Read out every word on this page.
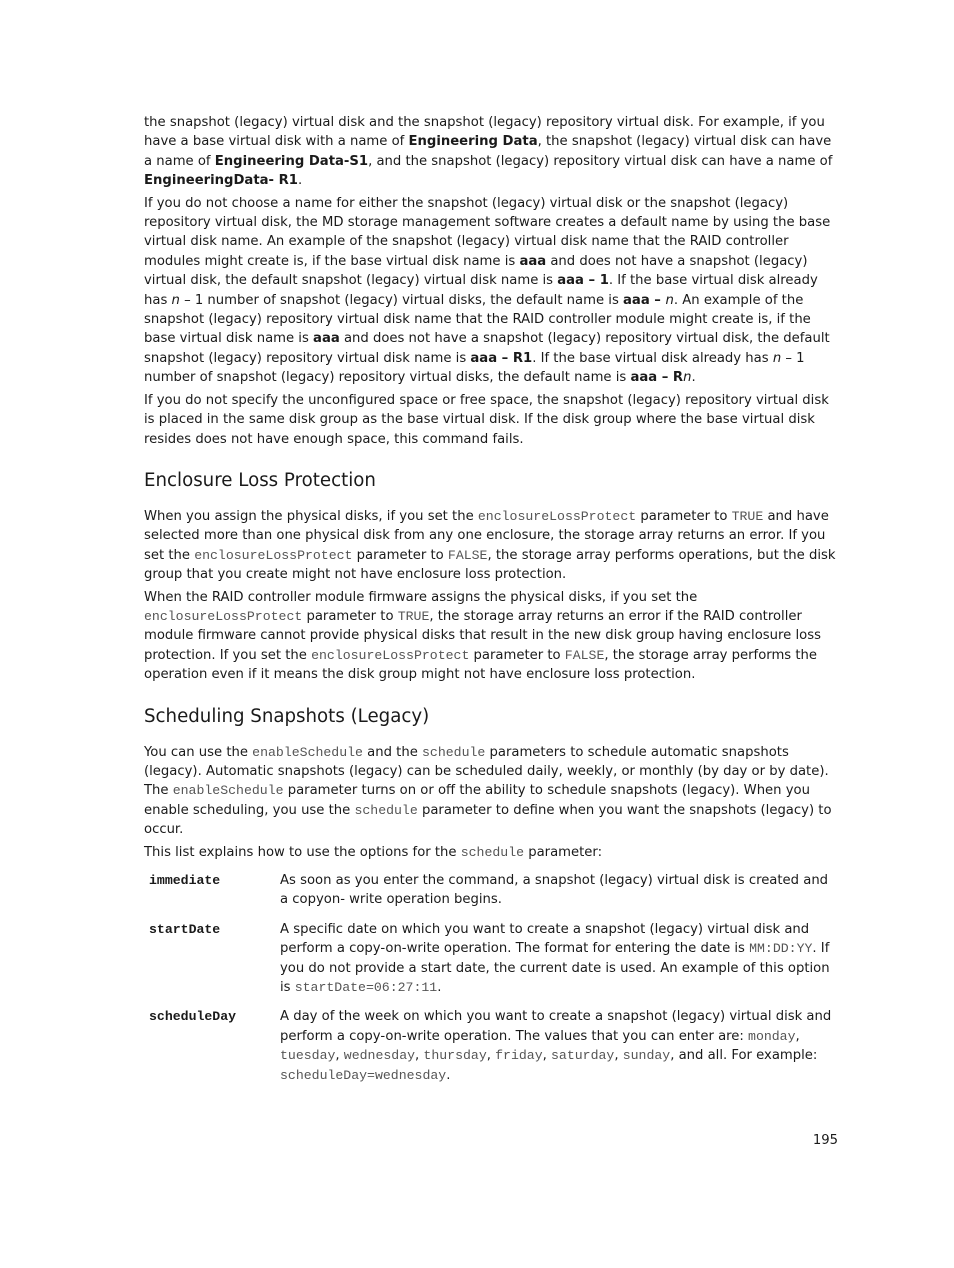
the snapshot (legacy) virtual disk and the snapshot (legacy) repository virtual disk. For example, if you have a base virtual disk with a name of Engineering Data, the snapshot (legacy) virtual disk can have a name of Engineering Data-S1, and the snapshot (legacy) repository virtual disk can have a name of EngineeringData- R1.

If you do not choose a name for either the snapshot (legacy) virtual disk or the snapshot (legacy) repository virtual disk, the MD storage management software creates a default name by using the base virtual disk name. An example of the snapshot (legacy) virtual disk name that the RAID controller modules might create is, if the base virtual disk name is aaa and does not have a snapshot (legacy) virtual disk, the default snapshot (legacy) virtual disk name is aaa – 1. If the base virtual disk already has n – 1 number of snapshot (legacy) virtual disks, the default name is aaa – n. An example of the snapshot (legacy) repository virtual disk name that the RAID controller module might create is, if the base virtual disk name is aaa and does not have a snapshot (legacy) repository virtual disk, the default snapshot (legacy) repository virtual disk name is aaa – R1. If the base virtual disk already has n – 1 number of snapshot (legacy) repository virtual disks, the default name is aaa – Rn.

If you do not specify the unconfigured space or free space, the snapshot (legacy) repository virtual disk is placed in the same disk group as the base virtual disk. If the disk group where the base virtual disk resides does not have enough space, this command fails.

Enclosure Loss Protection

When you assign the physical disks, if you set the enclosureLossProtect parameter to TRUE and have selected more than one physical disk from any one enclosure, the storage array returns an error. If you set the enclosureLossProtect parameter to FALSE, the storage array performs operations, but the disk group that you create might not have enclosure loss protection.

When the RAID controller module firmware assigns the physical disks, if you set the enclosureLossProtect parameter to TRUE, the storage array returns an error if the RAID controller module firmware cannot provide physical disks that result in the new disk group having enclosure loss protection. If you set the enclosureLossProtect parameter to FALSE, the storage array performs the operation even if it means the disk group might not have enclosure loss protection.

Scheduling Snapshots (Legacy)

You can use the enableSchedule and the schedule parameters to schedule automatic snapshots (legacy). Automatic snapshots (legacy) can be scheduled daily, weekly, or monthly (by day or by date). The enableSchedule parameter turns on or off the ability to schedule snapshots (legacy). When you enable scheduling, you use the schedule parameter to define when you want the snapshots (legacy) to occur.

This list explains how to use the options for the schedule parameter:

immediate	As soon as you enter the command, a snapshot (legacy) virtual disk is created and a copyon- write operation begins.
startDate	A specific date on which you want to create a snapshot (legacy) virtual disk and perform a copy-on-write operation. The format for entering the date is MM:DD:YY. If you do not provide a start date, the current date is used. An example of this option is startDate=06:27:11.
scheduleDay	A day of the week on which you want to create a snapshot (legacy) virtual disk and perform a copy-on-write operation. The values that you can enter are: monday, tuesday, wednesday, thursday, friday, saturday, sunday, and all. For example: scheduleDay=wednesday.
195
